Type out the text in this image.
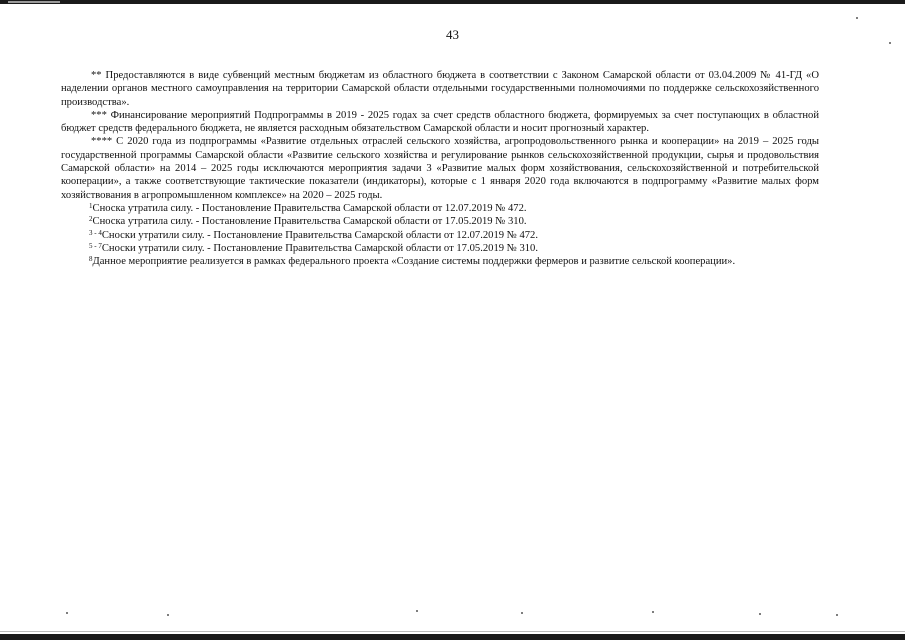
43

** Предоставляются в виде субвенций местным бюджетам из областного бюджета в соответствии с Законом Самарской области от 03.04.2009 № 41-ГД «О наделении органов местного самоуправления на территории Самарской области отдельными государственными полномочиями по поддержке сельскохозяйственного производства».

*** Финансирование мероприятий Подпрограммы в 2019 - 2025 годах за счет средств областного бюджета, формируемых за счет поступающих в областной бюджет средств федерального бюджета, не является расходным обязательством Самарской области и носит прогнозный характер.

**** С 2020 года из подпрограммы «Развитие отдельных отраслей сельского хозяйства, агропродовольственного рынка и кооперации» на 2019 – 2025 годы государственной программы Самарской области «Развитие сельского хозяйства и регулирование рынков сельскохозяйственной продукции, сырья и продовольствия Самарской области» на 2014 – 2025 годы исключаются мероприятия задачи 3 «Развитие малых форм хозяйствования, сельскохозяйственной и потребительской кооперации», а также соответствующие тактические показатели (индикаторы), которые с 1 января 2020 года включаются в подпрограмму «Развитие малых форм хозяйствования в агропромышленном комплексе» на 2020 – 2025 годы.

$^1$Сноска утратила силу. - Постановление Правительства Самарской области от 12.07.2019 № 472.

$^2$Сноска утратила силу. - Постановление Правительства Самарской области от 17.05.2019 № 310.

$^{3 - 4}$Сноски утратили силу. - Постановление Правительства Самарской области от 12.07.2019 № 472.

$^{5 - 7}$Сноски утратили силу. - Постановление Правительства Самарской области от 17.05.2019 № 310.

$^8$Данное мероприятие реализуется в рамках федерального проекта «Создание системы поддержки фермеров и развитие сельской кооперации».
